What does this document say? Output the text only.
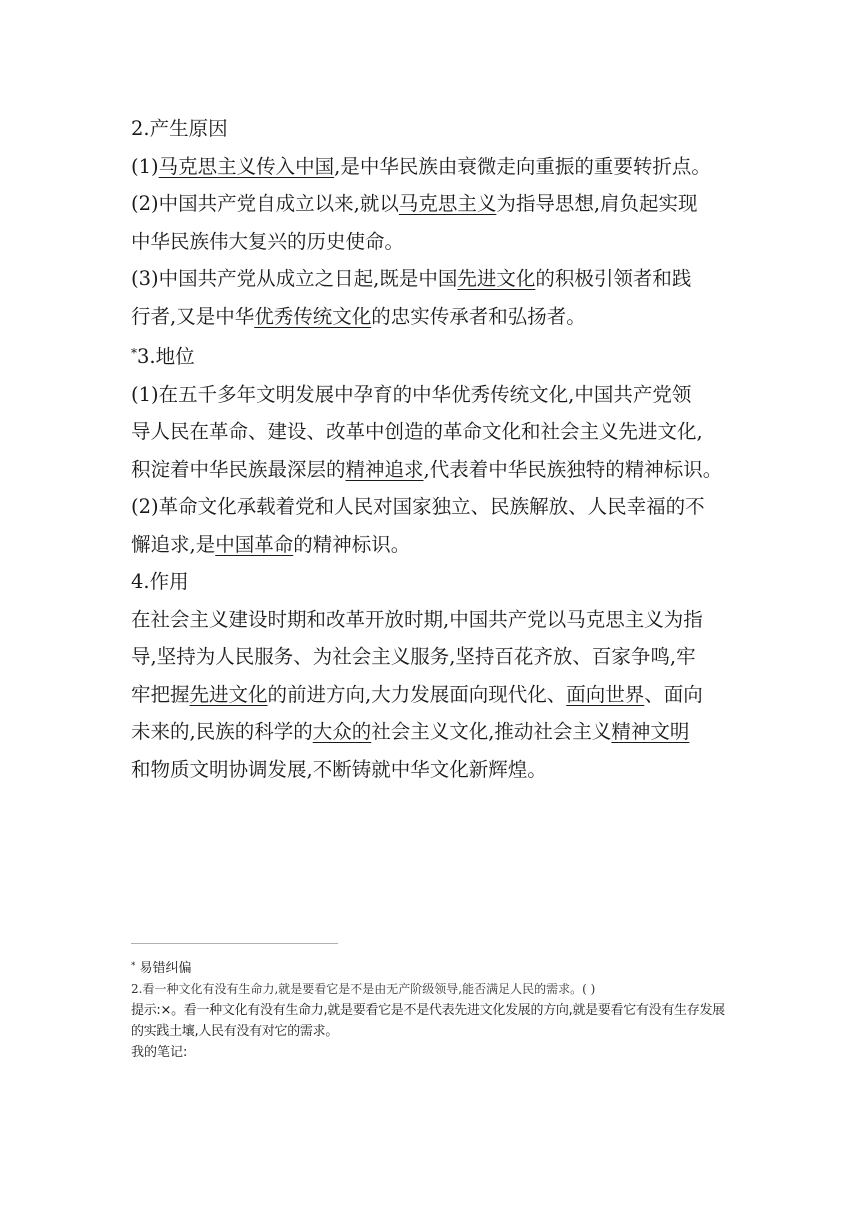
2.产生原因
(1)马克思主义传入中国,是中华民族由衰微走向重振的重要转折点。
(2)中国共产党自成立以来,就以马克思主义为指导思想,肩负起实现
中华民族伟大复兴的历史使命。
(3)中国共产党从成立之日起,既是中国先进文化的积极引领者和践
行者,又是中华优秀传统文化的忠实传承者和弘扬者。
*3.地位
(1)在五千多年文明发展中孕育的中华优秀传统文化,中国共产党领
导人民在革命、建设、改革中创造的革命文化和社会主义先进文化,
积淀着中华民族最深层的精神追求,代表着中华民族独特的精神标识。
(2)革命文化承载着党和人民对国家独立、民族解放、人民幸福的不
懈追求,是中国革命的精神标识。
4.作用
在社会主义建设时期和改革开放时期,中国共产党以马克思主义为指
导,坚持为人民服务、为社会主义服务,坚持百花齐放、百家争鸣,牢
牢把握先进文化的前进方向,大力发展面向现代化、面向世界、面向
未来的,民族的科学的大众的社会主义文化,推动社会主义精神文明
和物质文明协调发展,不断铸就中华文化新辉煌。
* 易错纠偏
2.看一种文化有没有生命力,就是要看它是不是由无产阶级领导,能否满足人民的需求。( )
提示:×。看一种文化有没有生命力,就是要看它是不是代表先进文化发展的方向,就是要看它有没有生存发展的实践土壤,人民有没有对它的需求。
我的笔记:
